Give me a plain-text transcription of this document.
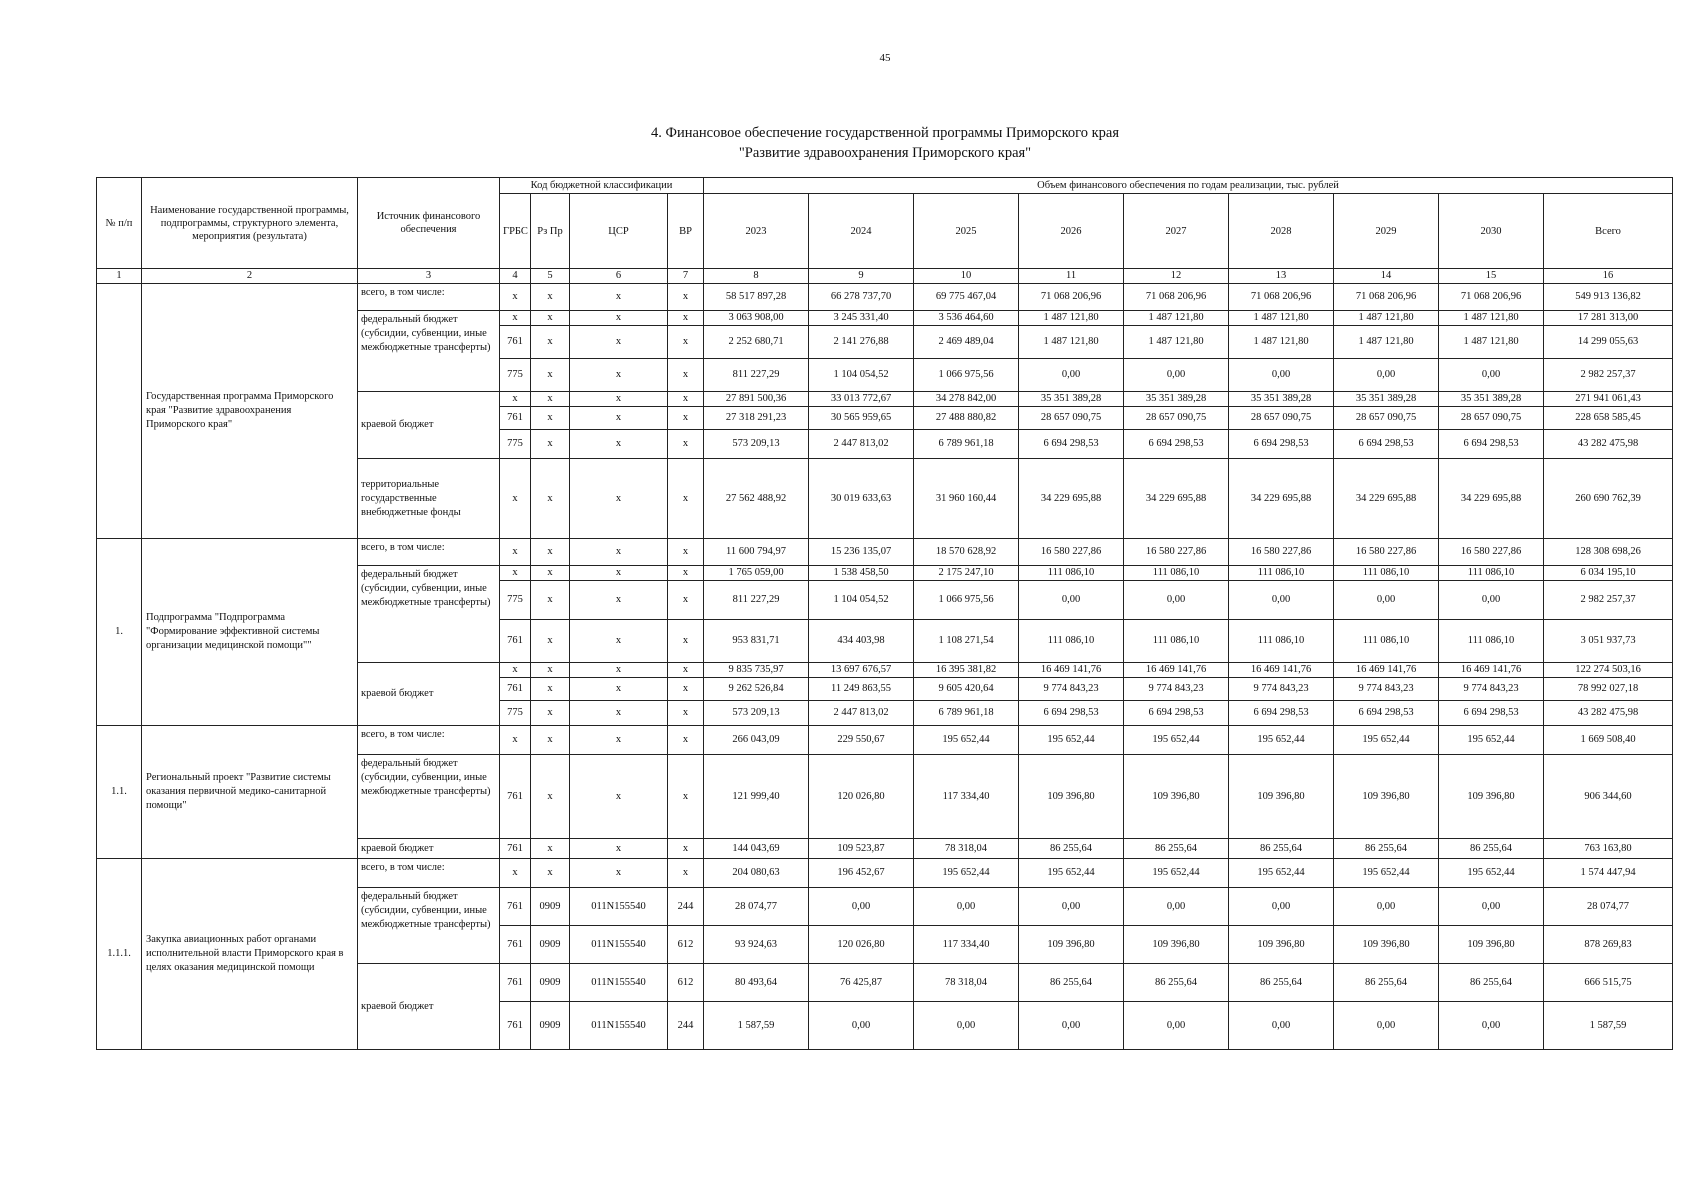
45
4. Финансовое обеспечение государственной программы Приморского края
"Развитие здравоохранения Приморского края"
№ п/п	Наименование государственной программы, подпрограммы, структурного элемента, мероприятия (результата)	Источник финансового обеспечения	Код бюджетной классификации				Объем финансового обеспечения по годам реализации, тыс. рублей								
			ГРБС	Рз Пр	ЦСР	ВР	2023	2024	2025	2026	2027	2028	2029	2030	Всего
1	2	3	4	5	6	7	8	9	10	11	12	13	14	15	16
	Государственная программа Приморского края "Развитие здравоохранения Приморского края"	всего, в том числе:	x	x	x	x	58 517 897,28	66 278 737,70	69 775 467,04	71 068 206,96	71 068 206,96	71 068 206,96	71 068 206,96	71 068 206,96	549 913 136,82
		федеральный бюджет (субсидии, субвенции, иные межбюджетные трансферты)	x	x	x	x	3 063 908,00	3 245 331,40	3 536 464,60	1 487 121,80	1 487 121,80	1 487 121,80	1 487 121,80	1 487 121,80	17 281 313,00
			761	x	x	x	2 252 680,71	2 141 276,88	2 469 489,04	1 487 121,80	1 487 121,80	1 487 121,80	1 487 121,80	1 487 121,80	14 299 055,63
			775	x	x	x	811 227,29	1 104 054,52	1 066 975,56	0,00	0,00	0,00	0,00	0,00	2 982 257,37
		краевой бюджет	x	x	x	x	27 891 500,36	33 013 772,67	34 278 842,00	35 351 389,28	35 351 389,28	35 351 389,28	35 351 389,28	35 351 389,28	271 941 061,43
			761	x	x	x	27 318 291,23	30 565 959,65	27 488 880,82	28 657 090,75	28 657 090,75	28 657 090,75	28 657 090,75	28 657 090,75	228 658 585,45
			775	x	x	x	573 209,13	2 447 813,02	6 789 961,18	6 694 298,53	6 694 298,53	6 694 298,53	6 694 298,53	6 694 298,53	43 282 475,98
		территориальные государственные внебюджетные фонды	x	x	x	x	27 562 488,92	30 019 633,63	31 960 160,44	34 229 695,88	34 229 695,88	34 229 695,88	34 229 695,88	34 229 695,88	260 690 762,39
1.	Подпрограмма "Подпрограмма "Формирование эффективной системы организации медицинской помощи""	всего, в том числе:	x	x	x	x	11 600 794,97	15 236 135,07	18 570 628,92	16 580 227,86	16 580 227,86	16 580 227,86	16 580 227,86	16 580 227,86	128 308 698,26
		федеральный бюджет (субсидии, субвенции, иные межбюджетные трансферты)	x	x	x	x	1 765 059,00	1 538 458,50	2 175 247,10	111 086,10	111 086,10	111 086,10	111 086,10	111 086,10	6 034 195,10
			775	x	x	x	811 227,29	1 104 054,52	1 066 975,56	0,00	0,00	0,00	0,00	0,00	2 982 257,37
			761	x	x	x	953 831,71	434 403,98	1 108 271,54	111 086,10	111 086,10	111 086,10	111 086,10	111 086,10	3 051 937,73
		краевой бюджет	x	x	x	x	9 835 735,97	13 697 676,57	16 395 381,82	16 469 141,76	16 469 141,76	16 469 141,76	16 469 141,76	16 469 141,76	122 274 503,16
			761	x	x	x	9 262 526,84	11 249 863,55	9 605 420,64	9 774 843,23	9 774 843,23	9 774 843,23	9 774 843,23	9 774 843,23	78 992 027,18
			775	x	x	x	573 209,13	2 447 813,02	6 789 961,18	6 694 298,53	6 694 298,53	6 694 298,53	6 694 298,53	6 694 298,53	43 282 475,98
1.1.	Региональный проект "Развитие системы оказания первичной медико-санитарной помощи"	всего, в том числе:	x	x	x	x	266 043,09	229 550,67	195 652,44	195 652,44	195 652,44	195 652,44	195 652,44	195 652,44	1 669 508,40
		федеральный бюджет (субсидии, субвенции, иные межбюджетные трансферты)	761	x	x	x	121 999,40	120 026,80	117 334,40	109 396,80	109 396,80	109 396,80	109 396,80	109 396,80	906 344,60
		краевой бюджет	761	x	x	x	144 043,69	109 523,87	78 318,04	86 255,64	86 255,64	86 255,64	86 255,64	86 255,64	763 163,80
1.1.1.	Закупка авиационных работ органами исполнительной власти Приморского края в целях оказания медицинской помощи	всего, в том числе:	x	x	x	x	204 080,63	196 452,67	195 652,44	195 652,44	195 652,44	195 652,44	195 652,44	195 652,44	1 574 447,94
		федеральный бюджет (субсидии, субвенции, иные межбюджетные трансферты)	761	0909	011N155540	244	28 074,77	0,00	0,00	0,00	0,00	0,00	0,00	0,00	28 074,77
			761	0909	011N155540	612	93 924,63	120 026,80	117 334,40	109 396,80	109 396,80	109 396,80	109 396,80	109 396,80	878 269,83
		краевой бюджет	761	0909	011N155540	612	80 493,64	76 425,87	78 318,04	86 255,64	86 255,64	86 255,64	86 255,64	86 255,64	666 515,75
			761	0909	011N155540	244	1 587,59	0,00	0,00	0,00	0,00	0,00	0,00	0,00	1 587,59
